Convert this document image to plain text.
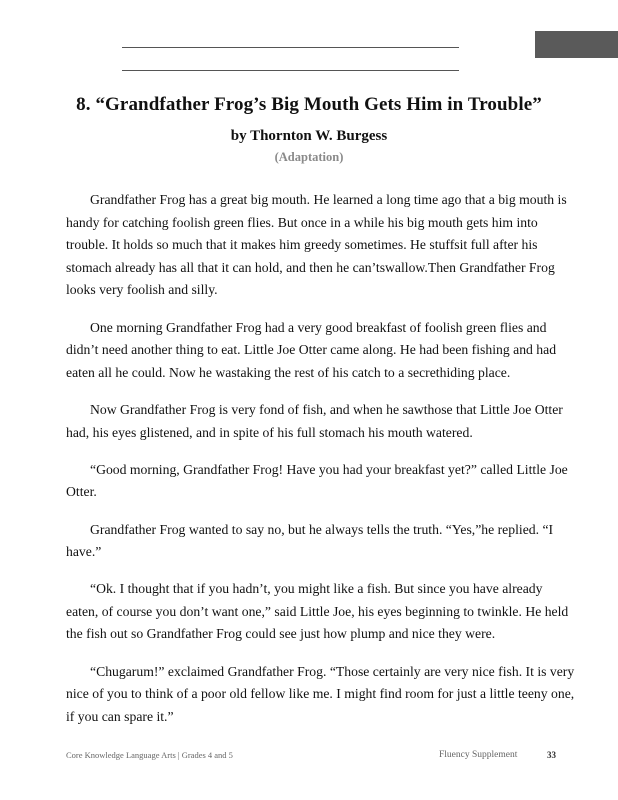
8. “Grandfather Frog’s Big Mouth Gets Him in Trouble”
by Thornton W. Burgess
(Adaptation)

Grandfather Frog has a great big mouth. He learned a long time ago that a big mouth is handy for catching foolish green flies. But once in a while his big mouth gets him into trouble. It holds so much that it makes him greedy sometimes. He stuffsit full after his stomach already has all that it can hold, and then he can’tswallow.Then Grandfather Frog looks very foolish and silly.

One morning Grandfather Frog had a very good breakfast of foolish green flies and didn’t need another thing to eat. Little Joe Otter came along. He had been fishing and had eaten all he could. Now he wastaking the rest of his catch to a secrethiding place.

Now Grandfather Frog is very fond of fish, and when he sawthose that Little Joe Otter had, his eyes glistened, and in spite of his full stomach his mouth watered.

“Good morning, Grandfather Frog! Have you had your breakfast yet?” called Little Joe Otter.

Grandfather Frog wanted to say no, but he always tells the truth. “Yes,”he replied. “I have.”

“Ok. I thought that if you hadn’t, you might like a fish. But since you have already eaten, of course you don’t want one,” said Little Joe, his eyes beginning to twinkle. He held the fish out so Grandfather Frog could see just how plump and nice they were.

“Chugarum!” exclaimed Grandfather Frog. “Those certainly are very nice fish. It is very nice of you to think of a poor old fellow like me. I might find room for just a little teeny one, if you can spare it.”

Core Knowledge Language Arts | Grades 4 and 5	Fluency Supplement	33
